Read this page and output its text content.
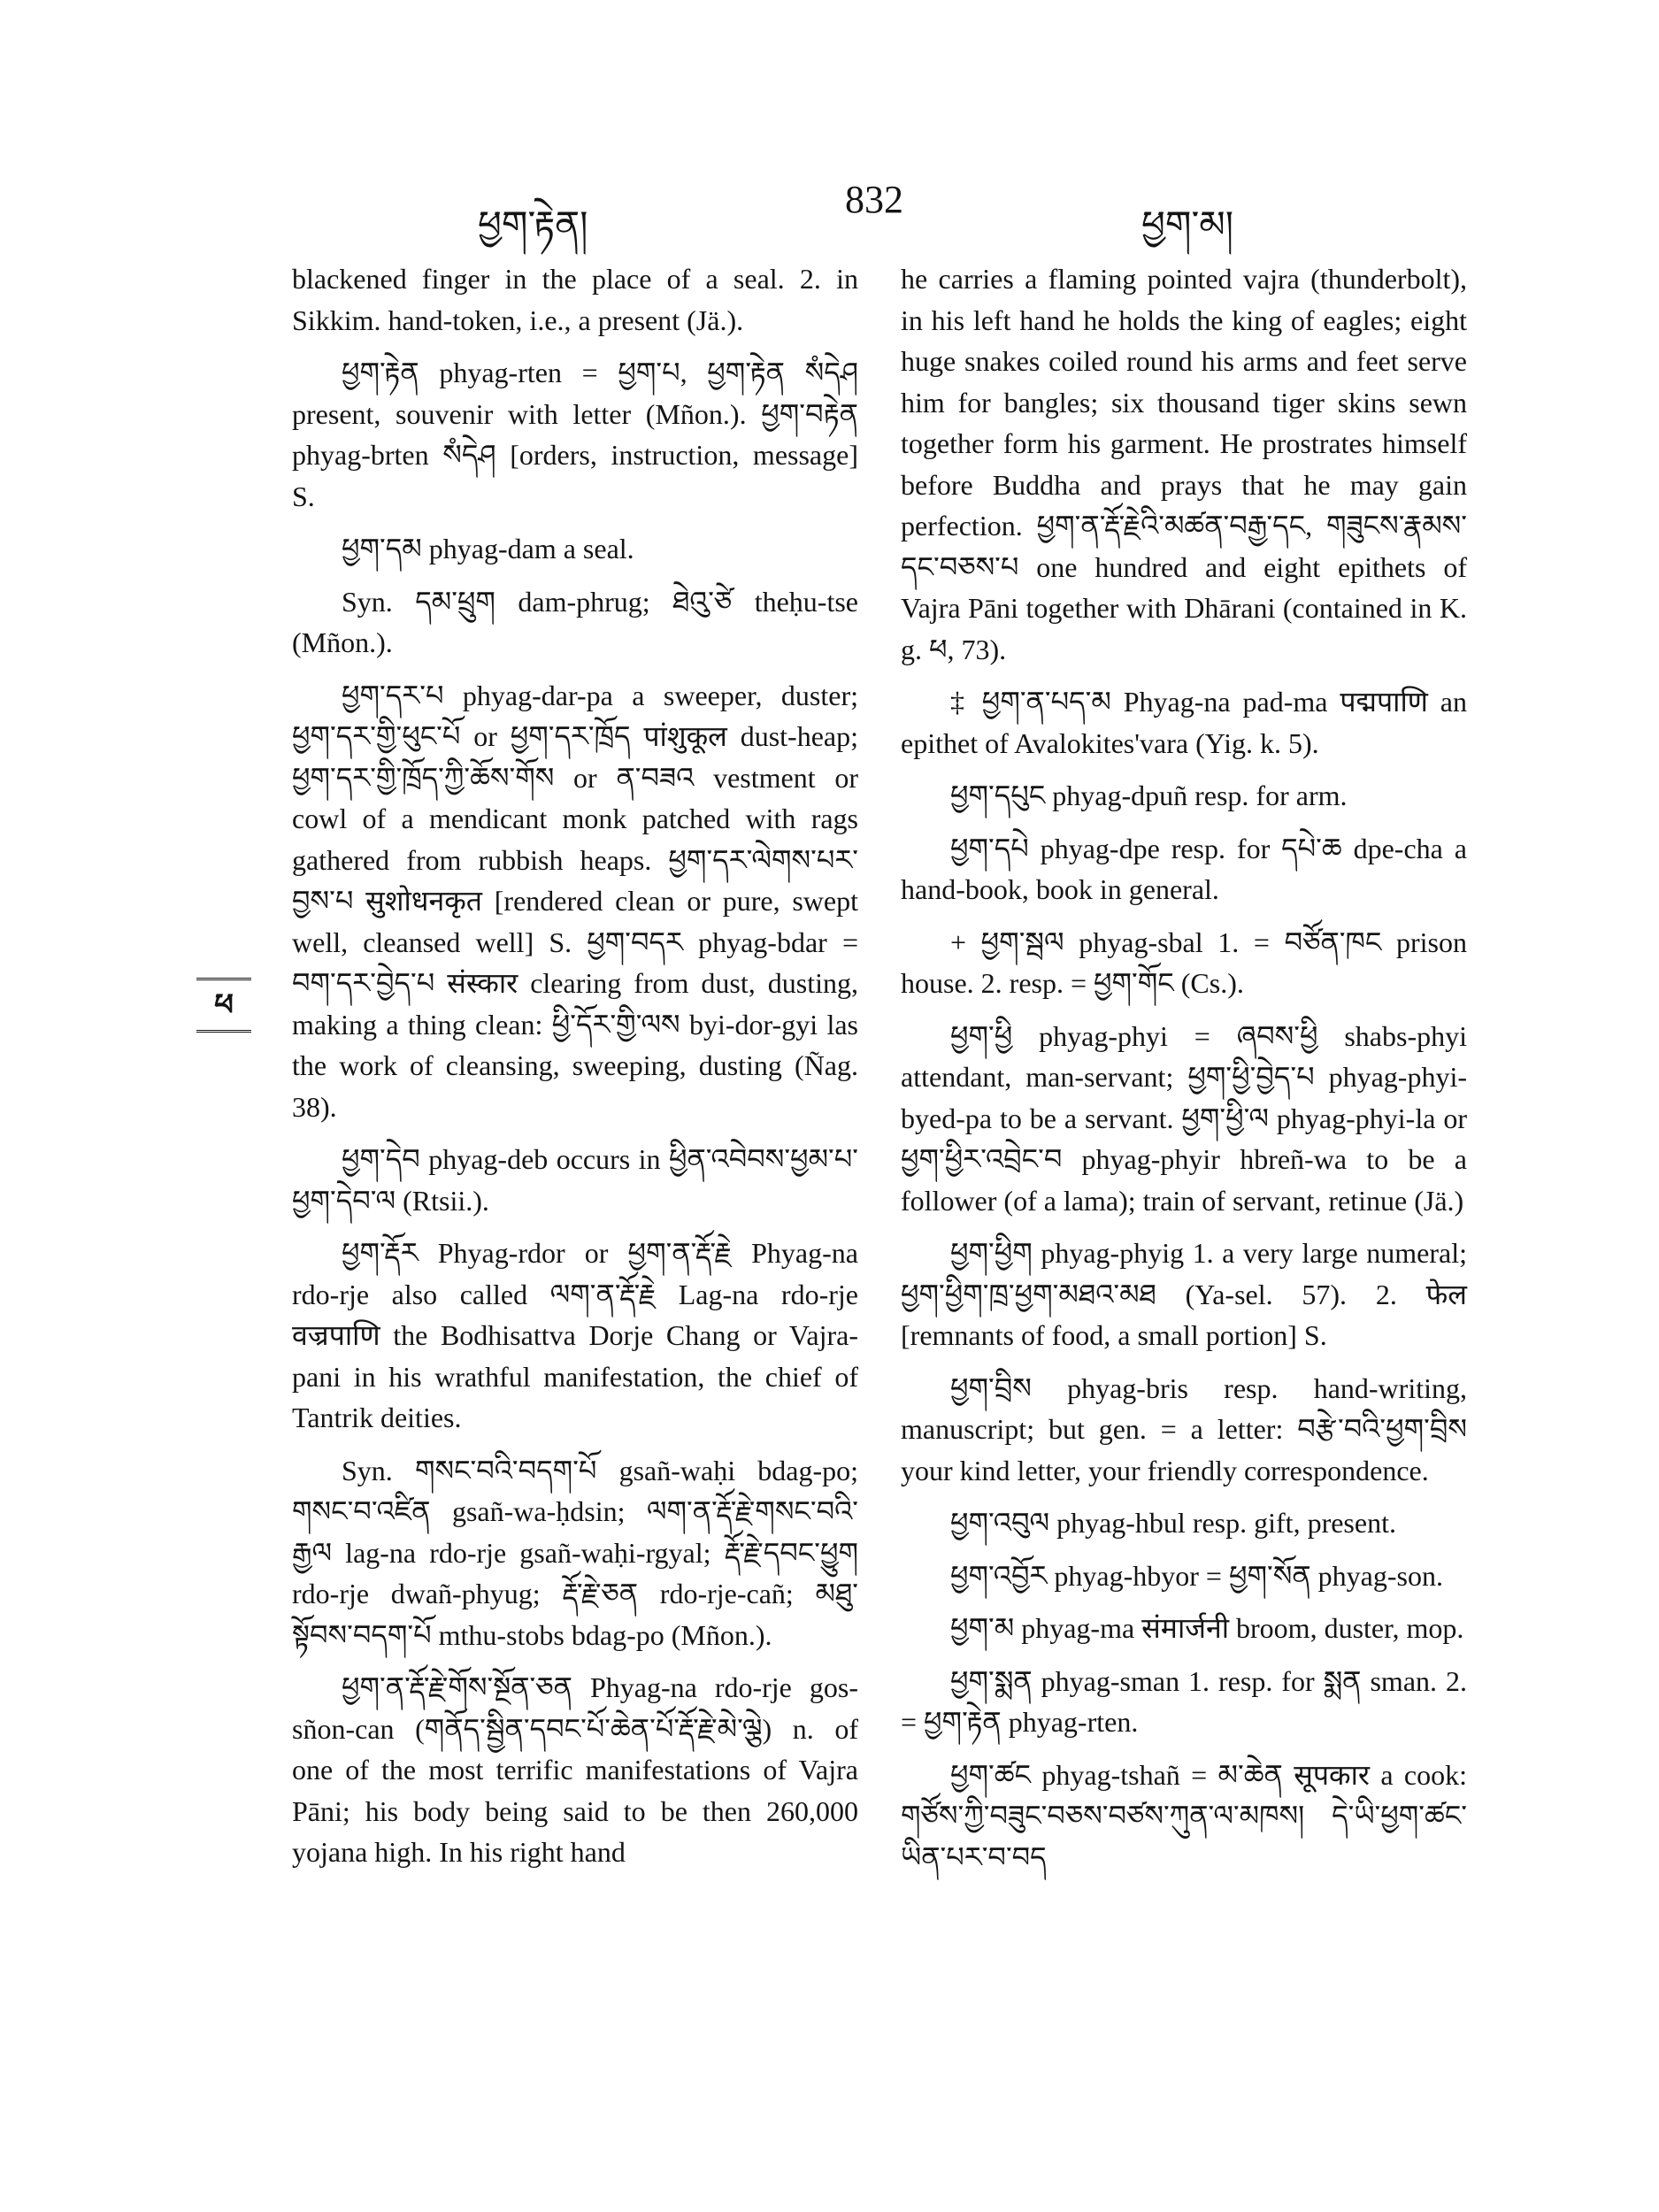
ཕྱག་རྟེན།
832
ཕྱག་མ།
ཕ

blackened finger in the place of a seal. 2. in Sikkim. hand-token, i.e., a present (Jä.).

ཕྱག་རྟེན phyag-rten = ཕྱག་པ, ཕྱག་རྟེན སཾདེཤ present, souvenir with letter (Mñon.). ཕྱག་བརྟེན phyag-brten སཾདེཤ [orders, instruction, message] S.

ཕྱག་དམ phyag-dam a seal.

Syn. དམ་ཕྲུག dam-phrug; ཐེའུ་ཙེ theḥu-tse (Mñon.).

ཕྱག་དར་པ phyag-dar-pa a sweeper, duster; ཕྱག་དར་གྱི་ཕུང་པོ or ཕྱག་དར་ཁྲོད पांशुकूल dust-heap; ཕྱག་དར་གྱི་ཁྲོད་ཀྱི་ཆོས་གོས or ན་བཟའ vestment or cowl of a mendicant monk patched with rags gathered from rubbish heaps. ཕྱག་དར་ལེགས་པར་བྱས་པ सुशोधनकृत [rendered clean or pure, swept well, cleansed well] S. ཕྱག་བདར phyag-bdar = བག་དར་བྱེད་པ संस्कार clearing from dust, dusting, making a thing clean: ཕྱི་དོར་གྱི་ལས byi-dor-gyi las the work of cleansing, sweeping, dusting (Ñag. 38).

ཕྱག་དེབ phyag-deb occurs in ཕྱིན་འབེབས་ཕྱམ་པ་ཕྱག་དེབ་ལ (Rtsii.).

ཕྱག་རྡོར Phyag-rdor or ཕྱག་ན་རྡོ་རྗེ Phyag-na rdo-rje also called ལག་ན་རྡོ་རྗེ Lag-na rdo-rje वज्रपाणि the Bodhisattva Dorje Chang or Vajra-pani in his wrathful manifestation, the chief of Tantrik deities.

Syn. གསང་བའི་བདག་པོ gsañ-waḥi bdag-po; གསང་བ་འཛིན gsañ-wa-ḥdsin; ལག་ན་རྡོ་རྗེ་གསང་བའི་རྒྱལ lag-na rdo-rje gsañ-waḥi-rgyal; རྡོ་རྗེ་དབང་ཕྱུག rdo-rje dwañ-phyug; རྡོ་རྗེ་ཅན rdo-rje-cañ; མཐུ་སྟོབས་བདག་པོ mthu-stobs bdag-po (Mñon.).

ཕྱག་ན་རྡོ་རྗེ་གོས་སྔོན་ཅན Phyag-na rdo-rje gos-sñon-can (གནོད་སྦྱིན་དབང་པོ་ཆེན་པོ་རྡོ་རྗེ་མེ་ལྕེ) n. of one of the most terrific manifestations of Vajra Pāni; his body being said to be then 260,000 yojana high. In his right hand

he carries a flaming pointed vajra (thunderbolt), in his left hand he holds the king of eagles; eight huge snakes coiled round his arms and feet serve him for bangles; six thousand tiger skins sewn together form his garment. He prostrates himself before Buddha and prays that he may gain perfection. ཕྱག་ན་རྡོ་རྗེའི་མཚན་བརྒྱ་དང, གཟུངས་རྣམས་དང་བཅས་པ one hundred and eight epithets of Vajra Pāni together with Dhārani (contained in K. g. ཕ, 73).

‡ ཕྱག་ན་པད་མ Phyag-na pad-ma पद्मपाणि an epithet of Avalokites'vara (Yig. k. 5).

ཕྱག་དཔུང phyag-dpuñ resp. for arm.

ཕྱག་དཔེ phyag-dpe resp. for དཔེ་ཆ dpe-cha a hand-book, book in general.

+ ཕྱག་སྦལ phyag-sbal 1. = བཙོན་ཁང prison house. 2. resp. = ཕྱག་གོང (Cs.).

ཕྱག་ཕྱི phyag-phyi = ཞབས་ཕྱི shabs-phyi attendant, man-servant; ཕྱག་ཕྱི་བྱེད་པ phyag-phyi-byed-pa to be a servant. ཕྱག་ཕྱི་ལ phyag-phyi-la or ཕྱག་ཕྱིར་འབྲེང་བ phyag-phyir hbreñ-wa to be a follower (of a lama); train of servant, retinue (Jä.)

ཕྱག་ཕྱིག phyag-phyig 1. a very large numeral; ཕྱག་ཕྱིག་ཁྲ་ཕྱག་མཐའ་མཐ (Ya-sel. 57). 2. फेल [remnants of food, a small portion] S.

ཕྱག་བྲིས phyag-bris resp. hand-writing, manuscript; but gen. = a letter: བརྩེ་བའི་ཕྱག་བྲིས your kind letter, your friendly correspondence.

ཕྱག་འབུལ phyag-hbul resp. gift, present.

ཕྱག་འབྱོར phyag-hbyor = ཕྱག་སོན phyag-son.

ཕྱག་མ phyag-ma संमार्जनी broom, duster, mop.

ཕྱག་སྨན phyag-sman 1. resp. for སྨན sman. 2. = ཕྱག་རྟེན phyag-rten.

ཕྱག་ཚང phyag-tshañ = མ་ཆེན सूपकार a cook: གཙོས་ཀྱི་བཟུང་བཅས་བཙས་ཀུན་ལ་མཁས། དེ་ཡི་ཕྱག་ཚང་ཡིན་པར་བ་བད
